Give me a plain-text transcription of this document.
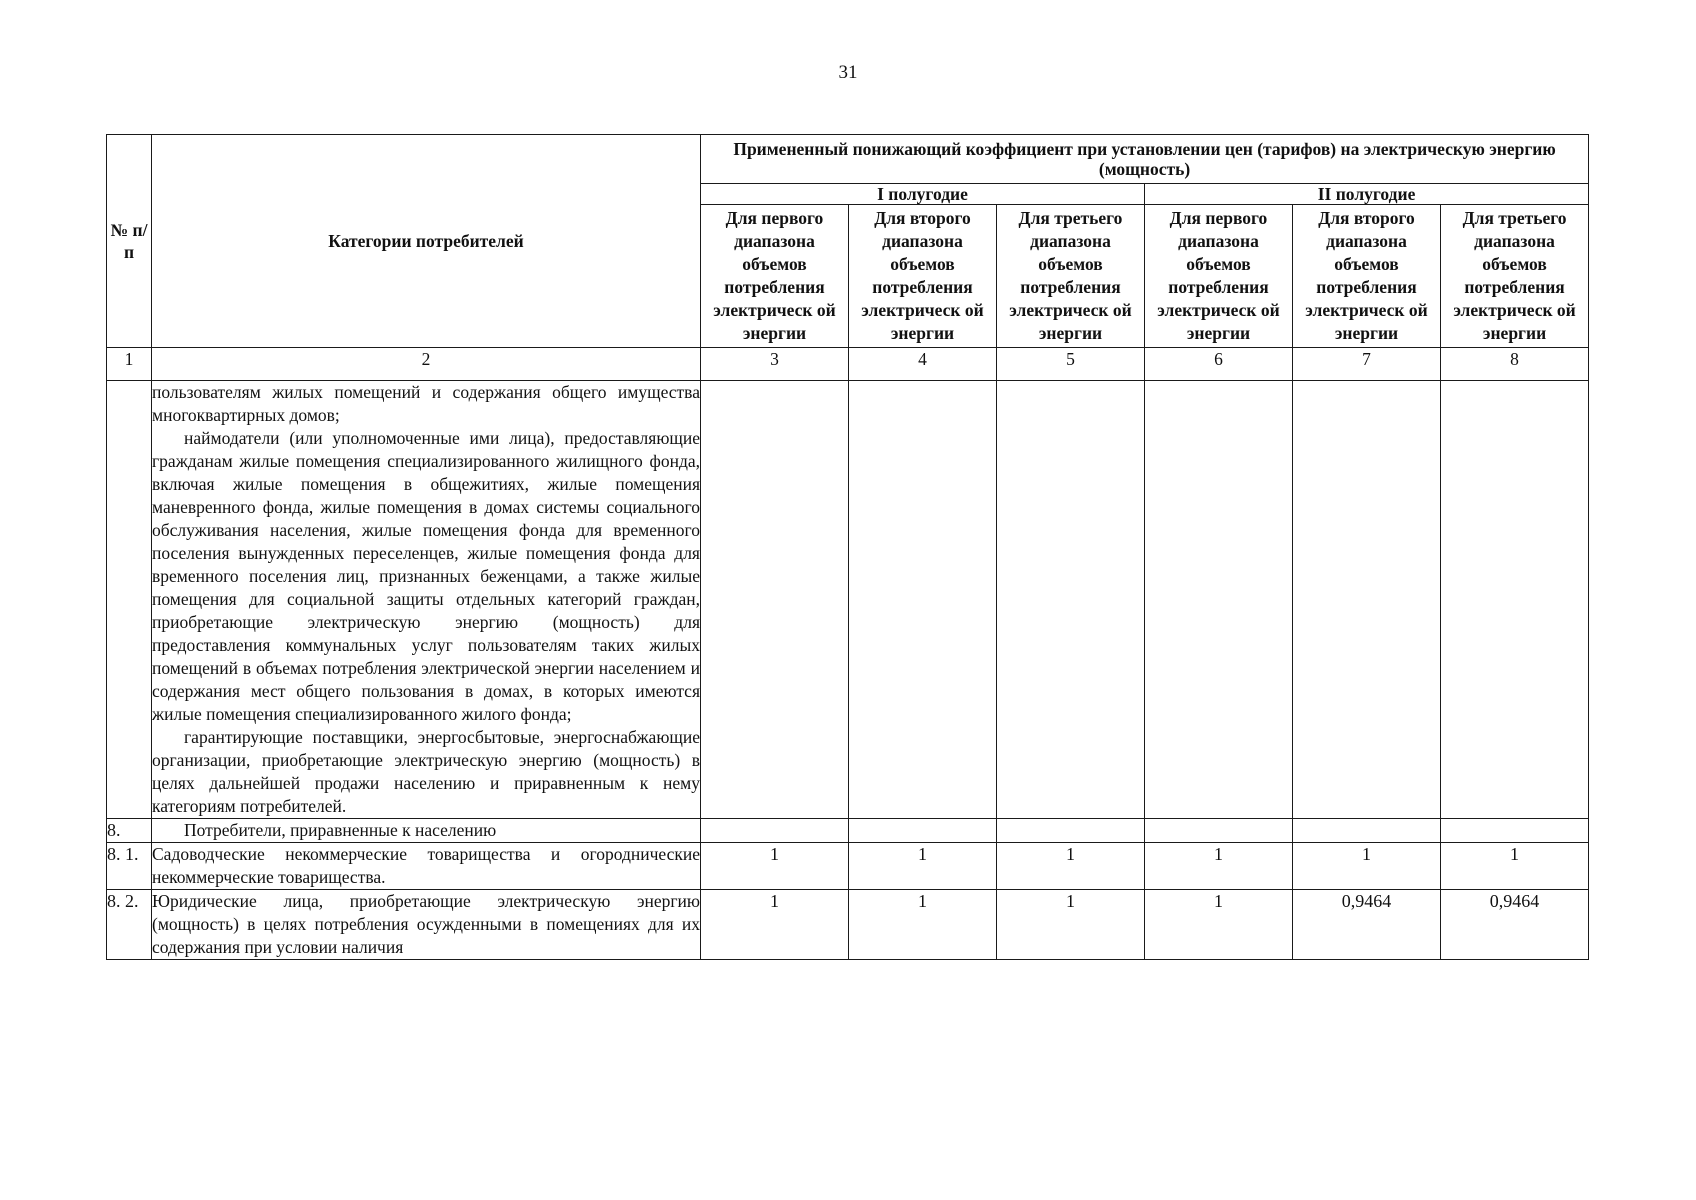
31
№ п/п	Категории потребителей	Примененный понижающий коэффициент при установлении цен (тарифов) на электрическую энергию (мощность)					
		I полугодие			II полугодие		
		Для первого диапазона объемов потребления электрическ ой энергии	Для второго диапазона объемов потребления электрическ ой энергии	Для третьего диапазона объемов потребления электрическ ой энергии	Для первого диапазона объемов потребления электрическ ой энергии	Для второго диапазона объемов потребления электрическ ой энергии	Для третьего диапазона объемов потребления электрическ ой энергии
1	2	3	4	5	6	7	8

	пользователям жилых помещений и содержания общего имущества многоквартирных домов;

наймодатели (или уполномоченные ими лица), предоставляющие гражданам жилые помещения специализированного жилищного фонда, включая жилые помещения в общежитиях, жилые помещения маневренного фонда, жилые помещения в домах системы социального обслуживания населения, жилые помещения фонда для временного поселения вынужденных переселенцев, жилые помещения фонда для временного поселения лиц, признанных беженцами, а также жилые помещения для социальной защиты отдельных категорий граждан, приобретающие электрическую энергию (мощность) для предоставления коммунальных услуг пользователям таких жилых помещений в объемах потребления электрической энергии населением и содержания мест общего пользования в домах, в которых имеются жилые помещения специализированного жилого фонда;

гарантирующие поставщики, энергосбытовые, энергоснабжающие организации, приобретающие электрическую энергию (мощность) в целях дальнейшей продажи населению и приравненным к нему категориям потребителей.						

8.	Потребители, приравненные к населению						

8. 1.	Садоводческие некоммерческие товарищества и огороднические некоммерческие товарищества.	1	1	1	1	1	1
8. 2.	Юридические лица, приобретающие электрическую энергию (мощность) в целях потребления осужденными в помещениях для их содержания при условии наличия	1	1	1	1	0,9464	0,9464
